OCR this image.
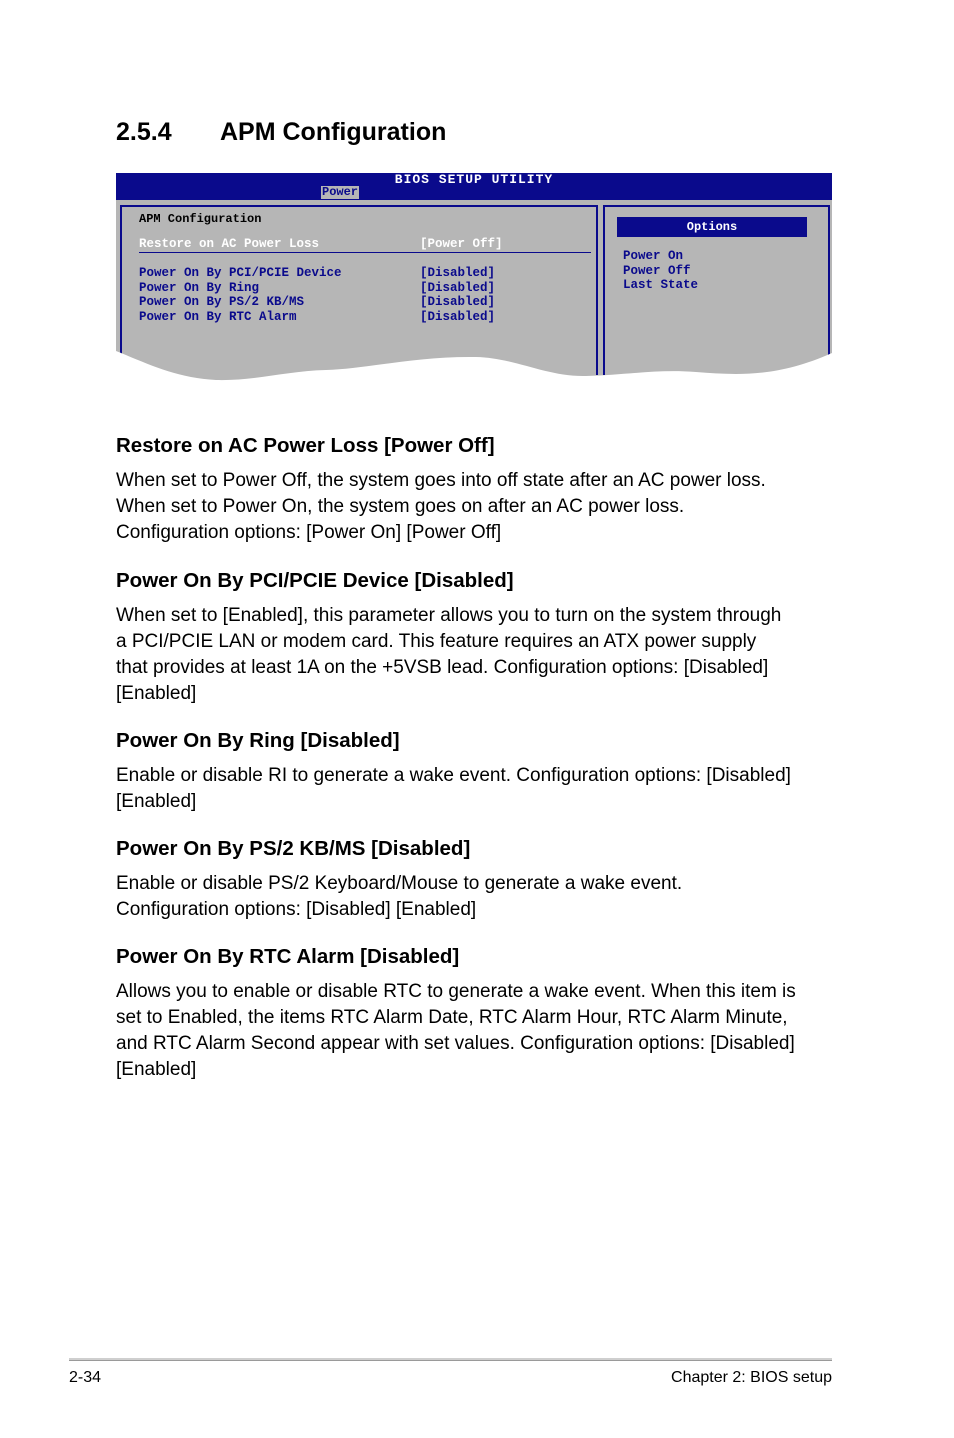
2.5.4 APM Configuration
BIOS SETUP UTILITY
Power
APM Configuration
Restore on AC Power Loss	[Power Off]
Power On By PCI/PCIE Device	[Disabled]
Power On By Ring	[Disabled]
Power On By PS/2 KB/MS	[Disabled]
Power On By RTC Alarm	[Disabled]
Options
Power On
Power Off
Last State
Restore on AC Power Loss [Power Off]

When set to Power Off, the system goes into off state after an AC power loss.

When set to Power On, the system goes on after an AC power loss.

Configuration options: [Power On] [Power Off]

Power On By PCI/PCIE Device [Disabled]

When set to [Enabled], this parameter allows you to turn on the system through

a PCI/PCIE LAN or modem card. This feature requires an ATX power supply

that provides at least 1A on the +5VSB lead. Configuration options: [Disabled]

[Enabled]

Power On By Ring [Disabled]

Enable or disable RI to generate a wake event. Configuration options: [Disabled]

[Enabled]

Power On By PS/2 KB/MS [Disabled]

Enable or disable PS/2 Keyboard/Mouse to generate a wake event.

Configuration options: [Disabled] [Enabled]

Power On By RTC Alarm [Disabled]

Allows you to enable or disable RTC to generate a wake event. When this item is

set to Enabled, the items RTC Alarm Date, RTC Alarm Hour, RTC Alarm Minute,

and RTC Alarm Second appear with set values. Configuration options: [Disabled]

[Enabled]

2-34	Chapter 2: BIOS setup
